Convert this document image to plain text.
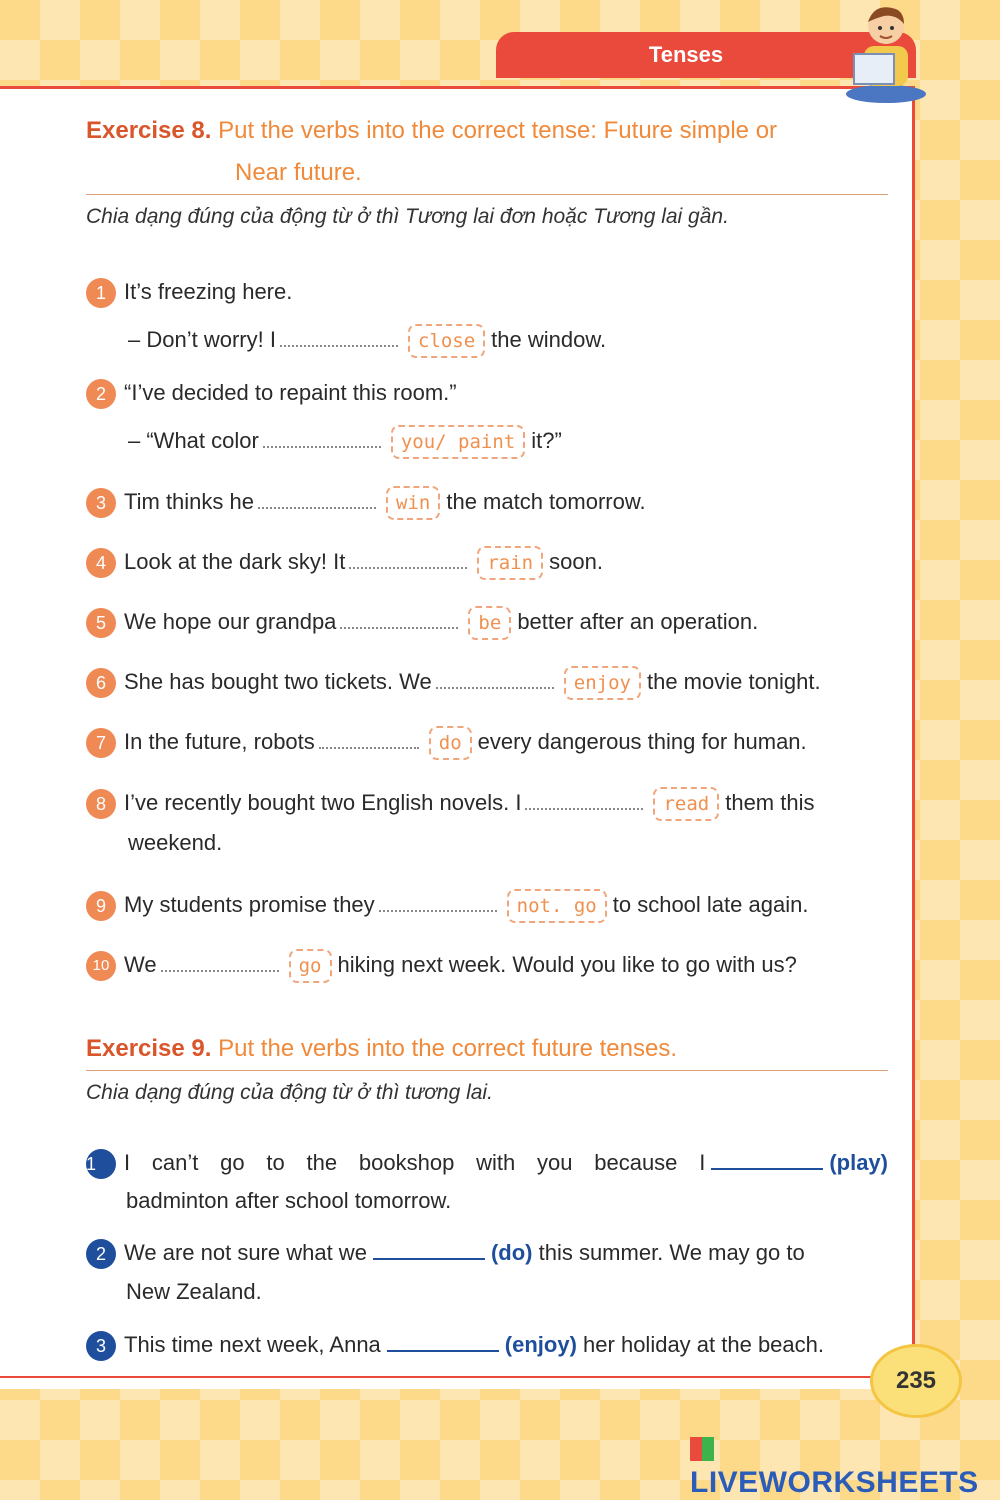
Tenses
Exercise 8. Put the verbs into the correct tense: Future simple or
Near future.
Chia dạng đúng của động từ ở thì Tương lai đơn hoặc Tương lai gần.
1 It’s freezing here.
– Don’t worry! I	close the window.
2 “I’ve decided to repaint this room.”
– “What color	you/ paint it?”
3 Tim thinks he	win the match tomorrow.
4 Look at the dark sky! It	rain soon.
5 We hope our grandpa	be better after an operation.
6 She has bought two tickets. We	enjoy the movie tonight.
7 In the future, robots	do every dangerous thing for human.
8 I’ve recently bought two English novels. I	read them this
weekend.
9 My students promise they	not. go to school late again.
10 We	go hiking next week. Would you like to go with us?
Exercise 9. Put the verbs into the correct future tenses.
Chia dạng đúng của động từ ở thì tương lai.
1 I can’t go to the bookshop with you because I	(play)
badminton after school tomorrow.
2 We are not sure what we	(do) this summer. We may go to
New Zealand.
3 This time next week, Anna	(enjoy) her holiday at the beach.
235
LIVEWORKSHEETS
